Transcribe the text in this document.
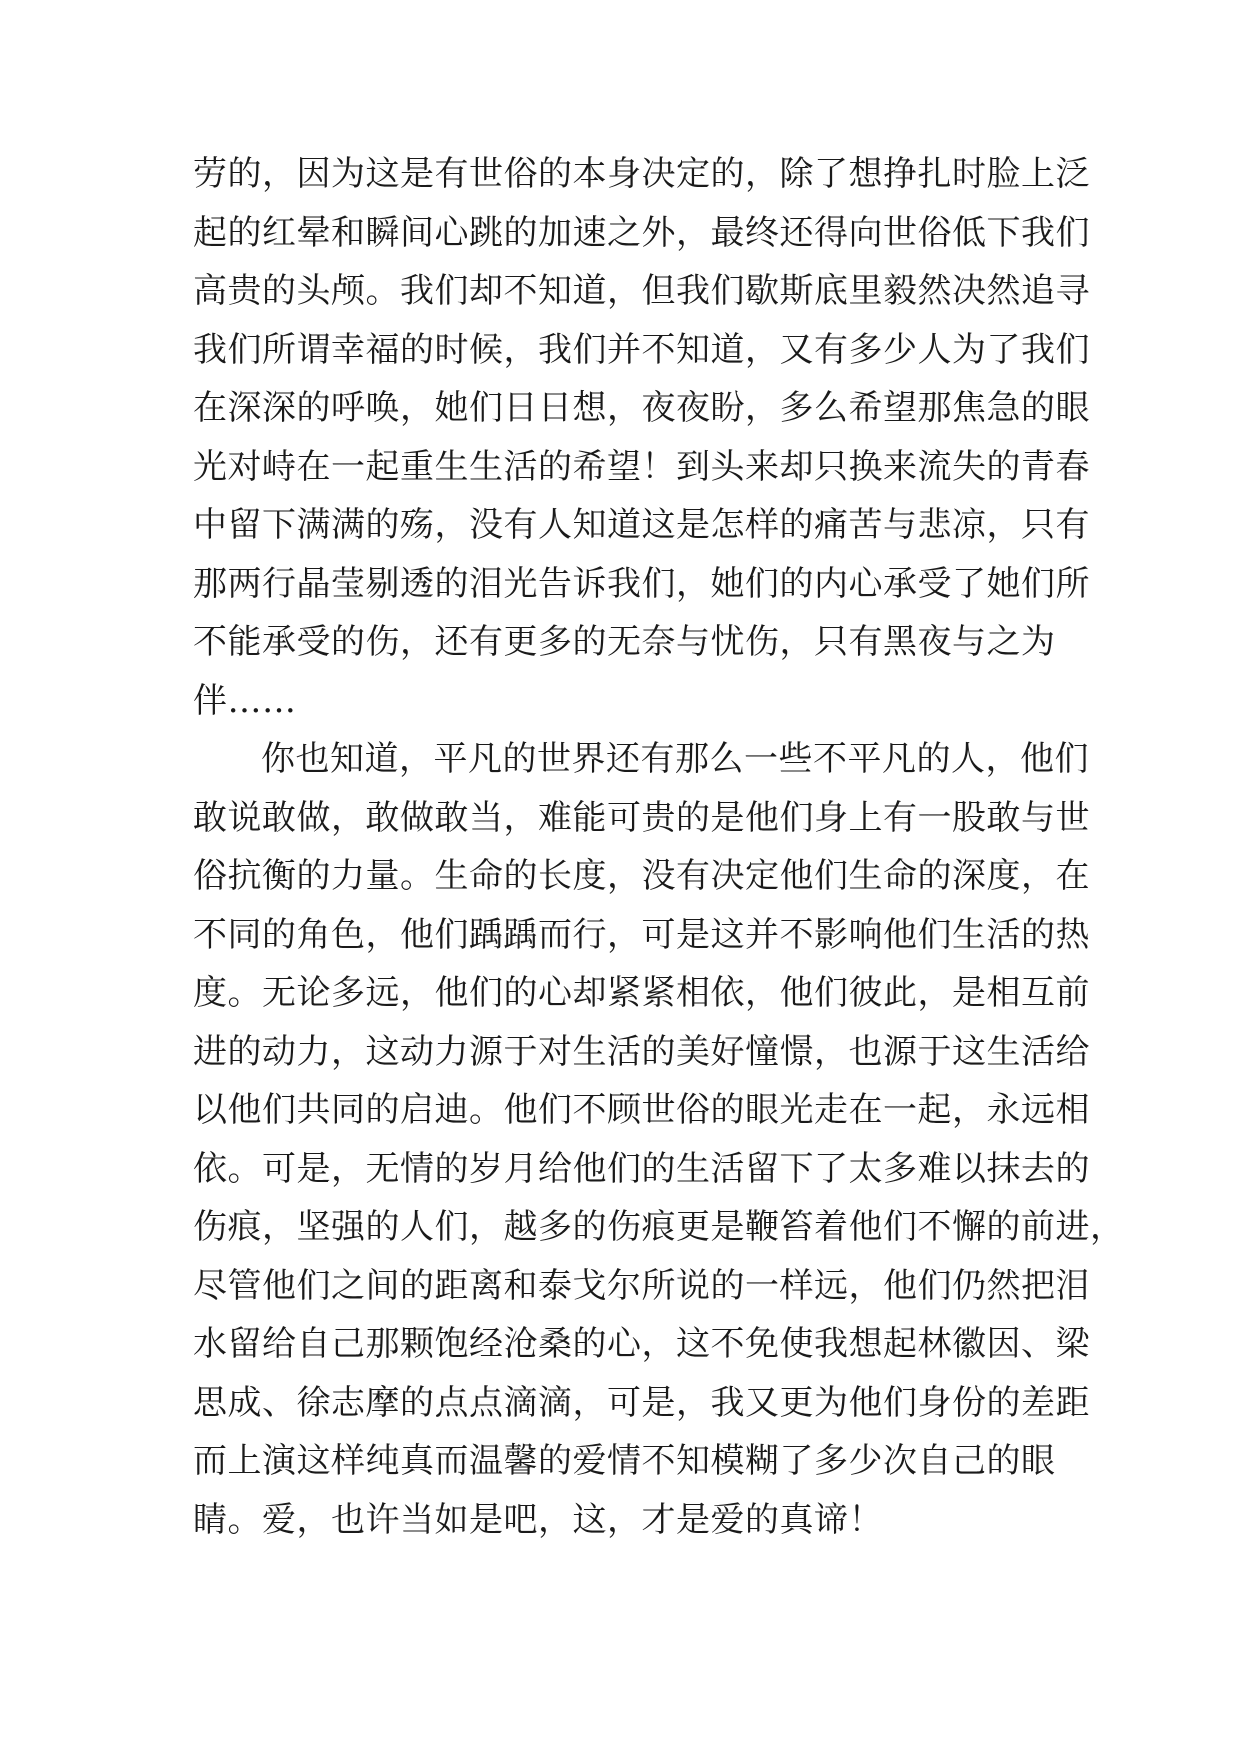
劳的，因为这是有世俗的本身决定的，除了想挣扎时脸上泛
起的红晕和瞬间心跳的加速之外，最终还得向世俗低下我们
高贵的头颅。我们却不知道，但我们歇斯底里毅然决然追寻
我们所谓幸福的时候，我们并不知道，又有多少人为了我们
在深深的呼唤，她们日日想，夜夜盼，多么希望那焦急的眼
光对峙在一起重生生活的希望！到头来却只换来流失的青春
中留下满满的殇，没有人知道这是怎样的痛苦与悲凉，只有
那两行晶莹剔透的泪光告诉我们，她们的内心承受了她们所
不能承受的伤，还有更多的无奈与忧伤，只有黑夜与之为
伴……
你也知道，平凡的世界还有那么一些不平凡的人，他们
敢说敢做，敢做敢当，难能可贵的是他们身上有一股敢与世
俗抗衡的力量。生命的长度，没有决定他们生命的深度，在
不同的角色，他们踽踽而行，可是这并不影响他们生活的热
度。无论多远，他们的心却紧紧相依，他们彼此，是相互前
进的动力，这动力源于对生活的美好憧憬，也源于这生活给
以他们共同的启迪。他们不顾世俗的眼光走在一起，永远相
依。可是，无情的岁月给他们的生活留下了太多难以抹去的
伤痕，坚强的人们，越多的伤痕更是鞭笞着他们不懈的前进，
尽管他们之间的距离和泰戈尔所说的一样远，他们仍然把泪
水留给自己那颗饱经沧桑的心，这不免使我想起林徽因、梁
思成、徐志摩的点点滴滴，可是，我又更为他们身份的差距
而上演这样纯真而温馨的爱情不知模糊了多少次自己的眼
睛。爱，也许当如是吧，这，才是爱的真谛！
